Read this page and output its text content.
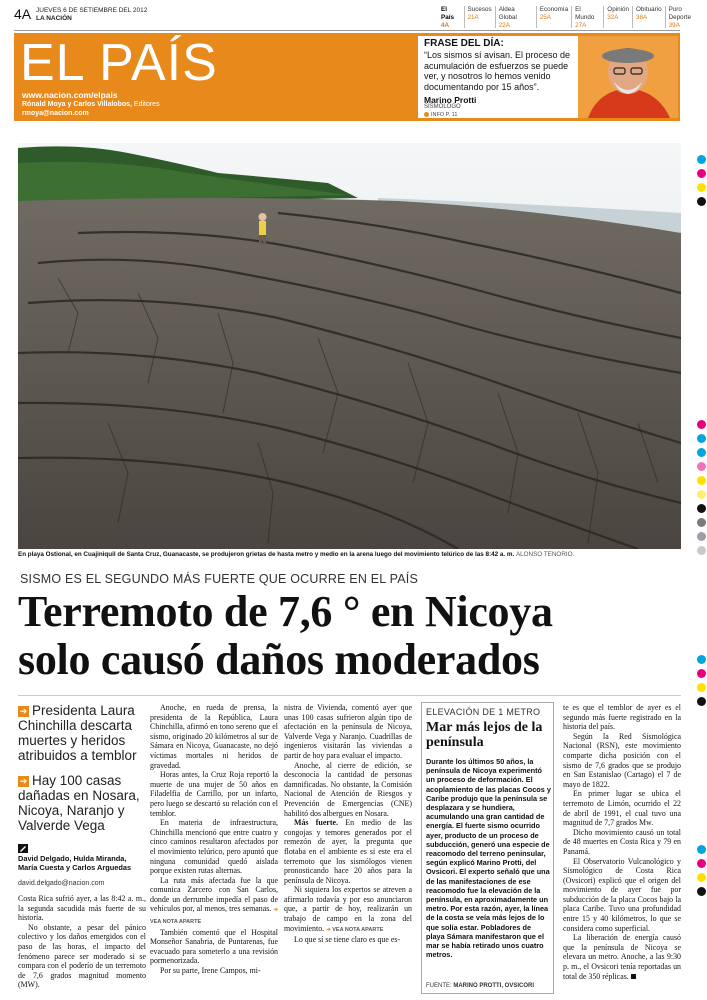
4A JUEVES 6 DE SETIEMBRE DEL 2012
LA NACIÓN
El País
4A
Sucesos
21A
Aldea Global
22A
Economía
25A
El Mundo
27A
Opinión
32A
Obituario
38A
Puro Deporte
39A
EL PAÍS
www.nacion.com/elpais
Rónald Moya y Carlos Villalobos, Editores
rmoya@nacion.com
FRASE DEL DÍA:
“Los sismos sí avisan. El proceso de acumulación de esfuerzos se puede ver, y nosotros lo hemos venido documentando por 15 años”.
Marino Protti
SISMÓLOGO
INFO P. 11
En playa Ostional, en Cuajiniquil de Santa Cruz, Guanacaste, se produjeron grietas de hasta metro y medio en la arena luego del movimiento telúrico de las 8:42 a. m. ALONSO TENORIO.
SISMO ES EL SEGUNDO MÁS FUERTE QUE OCURRE EN EL PAÍS
Terremoto de 7,6 ° en Nicoya
solo causó daños moderados
➔ Presidenta Laura Chinchilla descarta muertes y heridos atribuidos a temblor
➔ Hay 100 casas dañadas en Nosara, Nicoya, Naranjo y Valverde Vega
David Delgado, Hulda Miranda, María Cuesta y Carlos Arguedas
david.delgado@nacion.com

Costa Rica sufrió ayer, a las 8:42 a. m., la segunda sacudida más fuerte de su historia.

No obstante, a pesar del pánico colectivo y los daños emergidos con el paso de las horas, el impacto del fenómeno parece ser moderado si se compara con el poderío de un terremoto de 7,6 grados magnitud momento (MW).

Anoche, en rueda de prensa, la presidenta de la República, Laura Chinchilla, afirmó en tono sereno que el sismo, originado 20 kilómetros al sur de Sámara en Nicoya, Guanacaste, no dejó víctimas mortales ni heridos de gravedad.

Horas antes, la Cruz Roja reportó la muerte de una mujer de 50 años en Filadelfia de Carrillo, por un infarto, pero luego se descartó su relación con el temblor.

En materia de infraestructura, Chinchilla mencionó que entre cuatro y cinco caminos resultaron afectados por el movimiento telúrico, pero apuntó que ninguna comunidad quedó aislada porque existen rutas alternas.

La ruta más afectada fue la que comunica Zarcero con San Carlos, donde un derrumbe impedía el paso de vehículos por, al menos, tres semanas. ➔ VEA NOTA APARTE

También comentó que el Hospital Monseñor Sanabria, de Puntarenas, fue evacuado para someterlo a una revisión pormenorizada.

Por su parte, Irene Campos, mi-

nistra de Vivienda, comentó ayer que unas 100 casas sufrieron algún tipo de afectación en la península de Nicoya, Valverde Vega y Naranjo. Cuadrillas de ingenieros visitarán las viviendas a partir de hoy para evaluar el impacto.

Anoche, al cierre de edición, se desconocía la cantidad de personas damnificadas. No obstante, la Comisión Nacional de Atención de Riesgos y Prevención de Emergencias (CNE) habilitó dos albergues en Nosara.

Más fuerte. En medio de las congojas y temores generados por el remezón de ayer, la pregunta que flotaba en el ambiente es si este era el terremoto que los sismólogos vienen pronosticando hace 20 años para la península de Nicoya.

Ni siquiera los expertos se atreven a afirmarlo todavía y por eso anunciaron que, a partir de hoy, realizarán un trabajo de campo en la zona del movimiento. ➔ VEA NOTA APARTE

Lo que sí se tiene claro es que es-

ELEVACIÓN DE 1 METRO
Mar más lejos de la península
Durante los últimos 50 años, la península de Nicoya experimentó un proceso de deformación. El acoplamiento de las placas Cocos y Caribe produjo que la península se desplazara y se hundiera, acumulando una gran cantidad de energía. El fuerte sismo ocurrido ayer, producto de un proceso de subducción, generó una especie de reacomodo del terreno peninsular, según explicó Marino Protti, del Ovsicori. El experto señaló que una de las manifestaciones de ese reacomodo fue la elevación de la península, en aproximadamente un metro. Por esta razón, ayer, la línea de la costa se veía más lejos de lo que solía estar. Pobladores de playa Sámara manifestaron que el mar se había retirado unos cuatro metros.
FUENTE: MARINO PROTTI, OVSICORI

te es que el temblor de ayer es el segundo más fuerte registrado en la historia del país.

Según la Red Sismológica Nacional (RSN), este movimiento comparte dicha posición con el sismo de 7,6 grados que se produjo en San Estanislao (Cartago) el 7 de mayo de 1822.

En primer lugar se ubica el terremoto de Limón, ocurrido el 22 de abril de 1991, el cual tuvo una magnitud de 7,7 grados Mw.

Dicho movimiento causó un total de 48 muertes en Costa Rica y 79 en Panamá.

El Observatorio Vulcanológico y Sismológico de Costa Rica (Ovsicori) explicó que el origen del movimiento de ayer fue por subducción de la placa Cocos bajo la placa Caribe. Tuvo una profundidad entre 15 y 40 kilómetros, lo que se considera como superficial.

La liberación de energía causó que la península de Nicoya se elevara un metro. Anoche, a las 9:30 p. m., el Ovsicori tenía reportadas un total de 350 réplicas.
